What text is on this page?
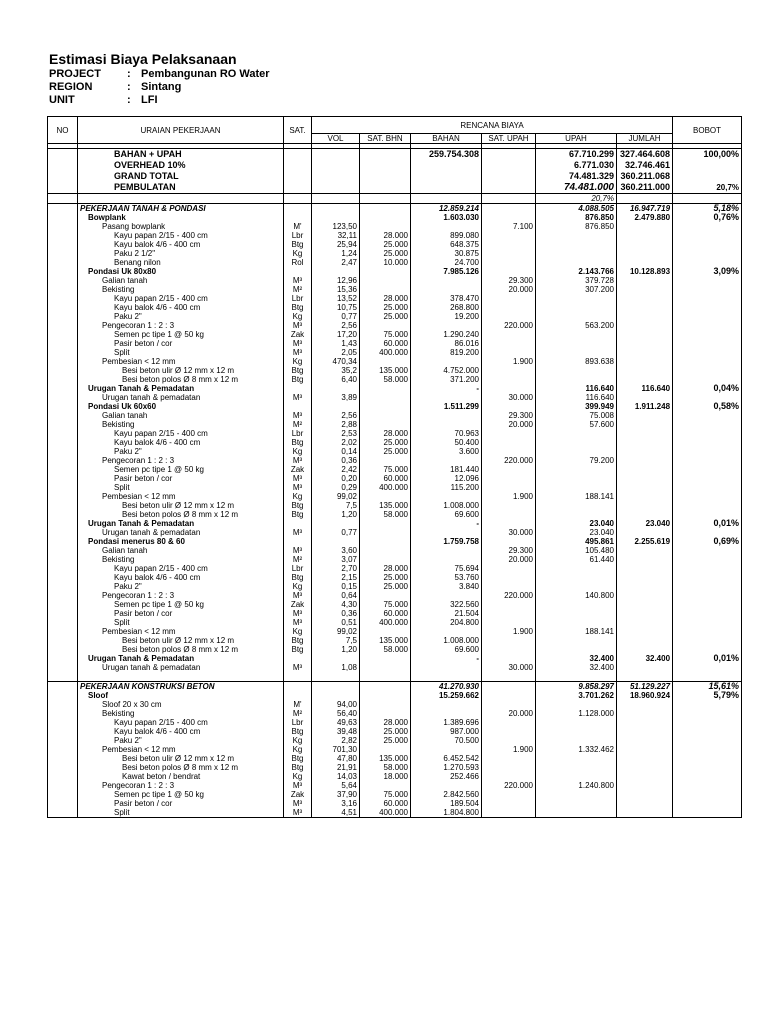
Estimasi Biaya Pelaksanaan
PROJECT : Pembangunan RO Water
REGION	: Sintang
UNIT	: LFI
NO	URAIAN PEKERJAAN	SAT.	RENCANA BIAYA						BOBOT
			VOL	SAT. BHN	BAHAN	SAT. UPAH	UPAH	JUMLAH	

	BAHAN + UPAH				259.754.308		67.710.299	327.464.608	100,00%
	OVERHEAD 10%						6.771.030	32.746.461	
	GRAND TOTAL						74.481.329	360.211.068	
	PEMBULATAN						74.481.000	360.211.000	20,7%
							20,7%		
	PEKERJAAN TANAH & PONDASI				12.859.214		4.088.505	16.947.719	5,18%
	Bowplank				1.603.030		876.850	2.479.880	0,76%
	Pasang bowplank	M'	123,50			7.100	876.850		
	Kayu papan 2/15 - 400 cm	Lbr	32,11	28.000	899.080				
	Kayu balok 4/6 - 400 cm	Btg	25,94	25.000	648.375				
	Paku 2 1/2"	Kg	1,24	25.000	30.875				
	Benang nilon	Rol	2,47	10.000	24.700				
	Pondasi Uk 80x80				7.985.126		2.143.766	10.128.893	3,09%
	Galian tanah	M³	12,96			29.300	379.728		
	Bekisting	M²	15,36			20.000	307.200		
	Kayu papan 2/15 - 400 cm	Lbr	13,52	28.000	378.470				
	Kayu balok 4/6 - 400 cm	Btg	10,75	25.000	268.800				
	Paku 2"	Kg	0,77	25.000	19.200				
	Pengecoran 1 : 2 : 3	M³	2,56			220.000	563.200		
	Semen pc tipe 1 @ 50 kg	Zak	17,20	75.000	1.290.240				
	Pasir beton / cor	M³	1,43	60.000	86.016				
	Split	M³	2,05	400.000	819.200				
	Pembesian < 12 mm	Kg	470,34			1.900	893.638		
	Besi beton ulir Ø 12 mm x 12 m	Btg	35,2	135.000	4.752.000				
	Besi beton polos Ø 8 mm x 12 m	Btg	6,40	58.000	371.200				
	Urugan Tanah & Pemadatan				-		116.640	116.640	0,04%
	Urugan tanah & pemadatan	M³	3,89			30.000	116.640		
	Pondasi Uk 60x60				1.511.299		399.949	1.911.248	0,58%
	Galian tanah	M³	2,56			29.300	75.008		
	Bekisting	M²	2,88			20.000	57.600		
	Kayu papan 2/15 - 400 cm	Lbr	2,53	28.000	70.963				
	Kayu balok 4/6 - 400 cm	Btg	2,02	25.000	50.400				
	Paku 2"	Kg	0,14	25.000	3.600				
	Pengecoran 1 : 2 : 3	M³	0,36			220.000	79.200		
	Semen pc tipe 1 @ 50 kg	Zak	2,42	75.000	181.440				
	Pasir beton / cor	M³	0,20	60.000	12.096				
	Split	M³	0,29	400.000	115.200				
	Pembesian < 12 mm	Kg	99,02			1.900	188.141		
	Besi beton ulir Ø 12 mm x 12 m	Btg	7,5	135.000	1.008.000				
	Besi beton polos Ø 8 mm x 12 m	Btg	1,20	58.000	69.600				
	Urugan Tanah & Pemadatan				-		23.040	23.040	0,01%
	Urugan tanah & pemadatan	M³	0,77			30.000	23.040		
	Pondasi menerus 80 & 60				1.759.758		495.861	2.255.619	0,69%
	Galian tanah	M³	3,60			29.300	105.480		
	Bekisting	M²	3,07			20.000	61.440		
	Kayu papan 2/15 - 400 cm	Lbr	2,70	28.000	75.694				
	Kayu balok 4/6 - 400 cm	Btg	2,15	25.000	53.760				
	Paku 2"	Kg	0,15	25.000	3.840				
	Pengecoran 1 : 2 : 3	M³	0,64			220.000	140.800		
	Semen pc tipe 1 @ 50 kg	Zak	4,30	75.000	322.560				
	Pasir beton / cor	M³	0,36	60.000	21.504				
	Split	M³	0,51	400.000	204.800				
	Pembesian < 12 mm	Kg	99,02			1.900	188.141		
	Besi beton ulir Ø 12 mm x 12 m	Btg	7,5	135.000	1.008.000				
	Besi beton polos Ø 8 mm x 12 m	Btg	1,20	58.000	69.600				
	Urugan Tanah & Pemadatan				-		32.400	32.400	0,01%
	Urugan tanah & pemadatan	M³	1,08			30.000	32.400		

	PEKERJAAN KONSTRUKSI BETON				41.270.930		9.858.297	51.129.227	15,61%
	Sloof				15.259.662		3.701.262	18.960.924	5,79%
	Sloof 20 x 30 cm	M'	94,00						
	Bekisting	M²	56,40			20.000	1.128.000		
	Kayu papan 2/15 - 400 cm	Lbr	49,63	28.000	1.389.696				
	Kayu balok 4/6 - 400 cm	Btg	39,48	25.000	987.000				
	Paku 2"	Kg	2,82	25.000	70.500				
	Pembesian < 12 mm	Kg	701,30			1.900	1.332.462		
	Besi beton ulir Ø 12 mm x 12 m	Btg	47,80	135.000	6.452.542				
	Besi beton polos Ø 8 mm x 12 m	Btg	21,91	58.000	1.270.593				
	Kawat beton / bendrat	Kg	14,03	18.000	252.466				
	Pengecoran 1 : 2 : 3	M³	5,64			220.000	1.240.800		
	Semen pc tipe 1 @ 50 kg	Zak	37,90	75.000	2.842.560				
	Pasir beton / cor	M³	3,16	60.000	189.504				
	Split	M³	4,51	400.000	1.804.800				
